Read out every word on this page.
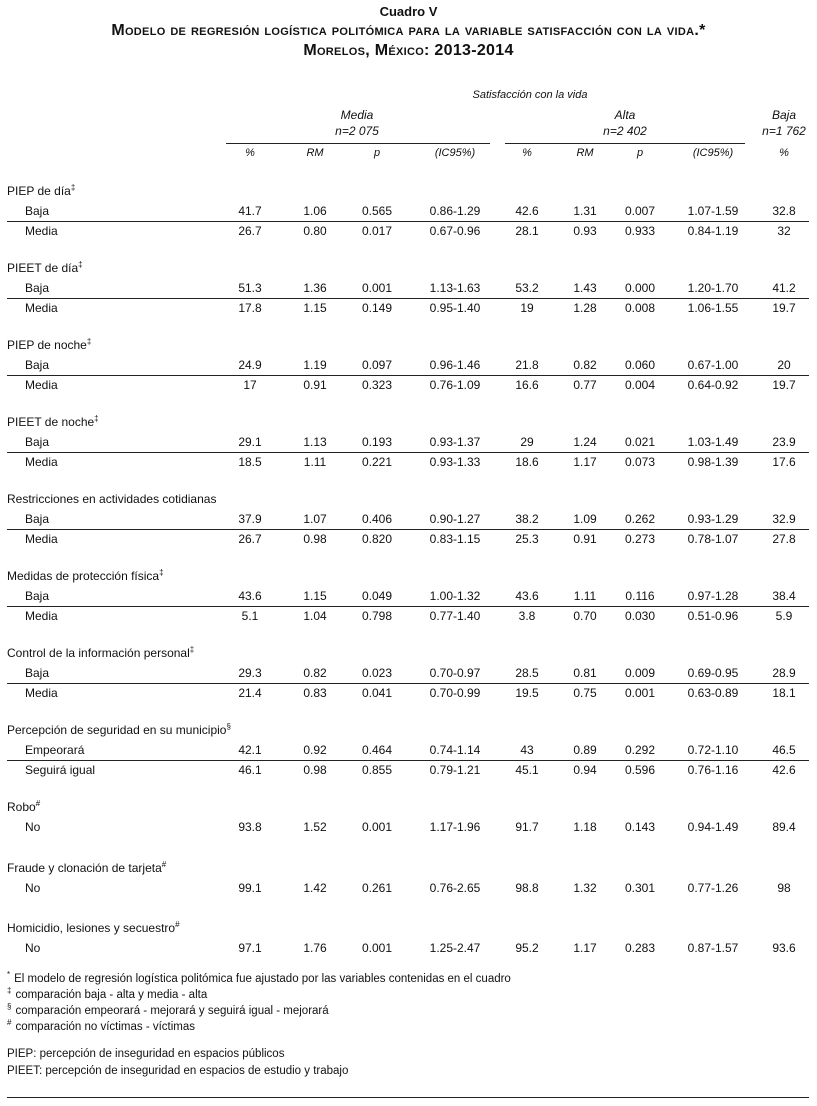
Cuadro V
Modelo de regresión logística politómica para la variable satisfacción con la vida.*
Morelos, México: 2013-2014
Satisfacción con la vida
Media
n=2 075
Alta
n=2 402
Baja
n=1 762
%	RM	p	(IC95%)	%	RM	p	(IC95%)	%
PIEP de día‡
Baja	41.7	1.06	0.565	0.86-1.29	42.6	1.31 0.007	1.07-1.59	32.8
Media	26.7	0.80	0.017	0.67-0.96	28.1	0.93 0.933	0.84-1.19	32
PIEET de día‡
Baja	51.3	1.36	0.001	1.13-1.63	53.2	1.43 0.000	1.20-1.70	41.2
Media	17.8	1.15	0.149	0.95-1.40	19	1.28 0.008	1.06-1.55	19.7
PIEP de noche‡
Baja	24.9	1.19	0.097	0.96-1.46	21.8	0.82 0.060	0.67-1.00	20
Media	17	0.91	0.323	0.76-1.09	16.6	0.77 0.004	0.64-0.92	19.7
PIEET de noche‡
Baja	29.1	1.13	0.193	0.93-1.37	29	1.24 0.021	1.03-1.49	23.9
Media	18.5	1.11	0.221	0.93-1.33	18.6	1.17 0.073	0.98-1.39	17.6
Restricciones en actividades cotidianas
Baja	37.9	1.07	0.406	0.90-1.27	38.2	1.09 0.262	0.93-1.29	32.9
Media	26.7	0.98	0.820	0.83-1.15	25.3	0.91 0.273	0.78-1.07	27.8
Medidas de protección física‡
Baja	43.6	1.15	0.049	1.00-1.32	43.6	1.11 0.116	0.97-1.28	38.4
Media	5.1	1.04	0.798	0.77-1.40	3.8	0.70 0.030	0.51-0.96	5.9
Control de la información personal‡
Baja	29.3	0.82	0.023	0.70-0.97	28.5	0.81 0.009	0.69-0.95	28.9
Media	21.4	0.83	0.041	0.70-0.99	19.5	0.75 0.001	0.63-0.89	18.1
Percepción de seguridad en su municipio§
Empeorará	42.1	0.92	0.464	0.74-1.14	43	0.89 0.292	0.72-1.10	46.5
Seguirá igual	46.1	0.98	0.855	0.79-1.21	45.1	0.94 0.596	0.76-1.16	42.6
Robo#
No	93.8	1.52	0.001	1.17-1.96	91.7	1.18 0.143	0.94-1.49	89.4
Fraude y clonación de tarjeta#
No	99.1	1.42	0.261	0.76-2.65	98.8	1.32 0.301	0.77-1.26	98
Homicidio, lesiones y secuestro#
No	97.1	1.76	0.001	1.25-2.47	95.2	1.17 0.283	0.87-1.57	93.6
* El modelo de regresión logística politómica fue ajustado por las variables contenidas en el cuadro
‡ comparación baja - alta y media - alta
§ comparación empeorará - mejorará y seguirá igual - mejorará
# comparación no víctimas - víctimas
PIEP: percepción de inseguridad en espacios públicos
PIEET: percepción de inseguridad en espacios de estudio y trabajo
